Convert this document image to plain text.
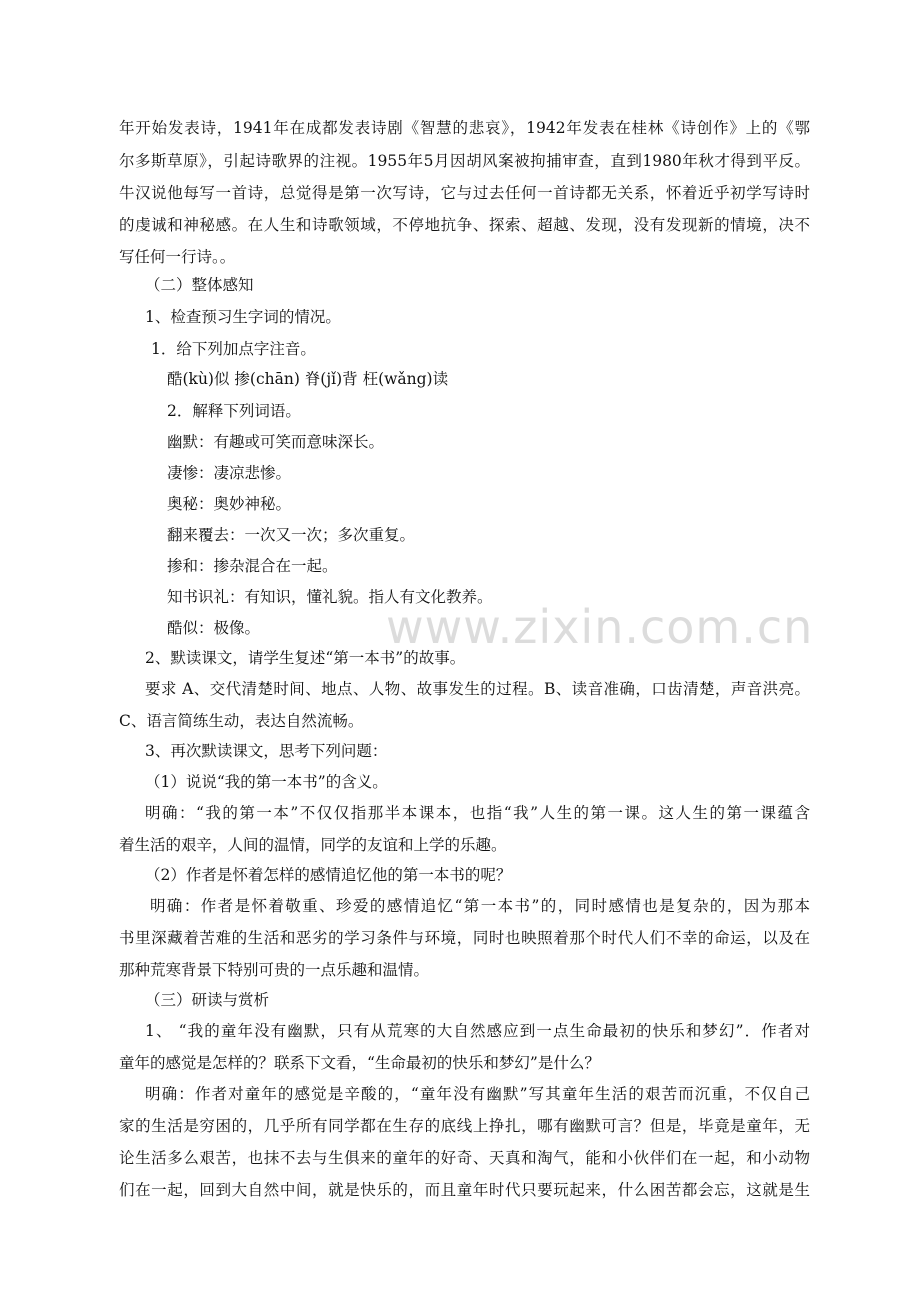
www.zixin.com.cn
年开始发表诗，1941年在成都发表诗剧《智慧的悲哀》，1942年发表在桂林《诗创作》上的《鄂
尔多斯草原》，引起诗歌界的注视。1955年5月因胡风案被拘捕审查，直到1980年秋才得到平反。
牛汉说他每写一首诗，总觉得是第一次写诗，它与过去任何一首诗都无关系，怀着近乎初学写诗时
的虔诚和神秘感。在人生和诗歌领域，不停地抗争、探索、超越、发现，没有发现新的情境，决不
写任何一行诗。。
（二）整体感知
1、检查预习生字词的情况。
1．给下列加点字注音。
酷(kù)似 掺(chān) 脊(jǐ)背 枉(wǎng)读
2．解释下列词语。
幽默：有趣或可笑而意味深长。
凄惨：凄凉悲惨。
奥秘：奥妙神秘。
翻来覆去：一次又一次；多次重复。
掺和：掺杂混合在一起。
知书识礼：有知识，懂礼貌。指人有文化教养。
酷似：极像。
2、默读课文，请学生复述“第一本书”的故事。
要求 A、交代清楚时间、地点、人物、故事发生的过程。B、读音准确，口齿清楚，声音洪亮。
C、语言简练生动，表达自然流畅。
3、再次默读课文，思考下列问题：
（1）说说“我的第一本书”的含义。
明确：“我的第一本”不仅仅指那半本课本，也指“我”人生的第一课。这人生的第一课蕴含
着生活的艰辛，人间的温情，同学的友谊和上学的乐趣。
（2）作者是怀着怎样的感情追忆他的第一本书的呢？
明确：作者是怀着敬重、珍爱的感情追忆“第一本书”的，同时感情也是复杂的，因为那本
书里深藏着苦难的生活和恶劣的学习条件与环境，同时也映照着那个时代人们不幸的命运，以及在
那种荒寒背景下特别可贵的一点乐趣和温情。
（三）研读与赏析
1、 “我的童年没有幽默，只有从荒寒的大自然感应到一点生命最初的快乐和梦幻”．作者对
童年的感觉是怎样的？联系下文看，“生命最初的快乐和梦幻”是什么？
明确：作者对童年的感觉是辛酸的，“童年没有幽默”写其童年生活的艰苦而沉重，不仅自己
家的生活是穷困的，几乎所有同学都在生存的底线上挣扎，哪有幽默可言？但是，毕竟是童年，无
论生活多么艰苦，也抹不去与生俱来的童年的好奇、天真和淘气，能和小伙伴们在一起，和小动物
们在一起，回到大自然中间，就是快乐的，而且童年时代只要玩起来，什么困苦都会忘，这就是生
